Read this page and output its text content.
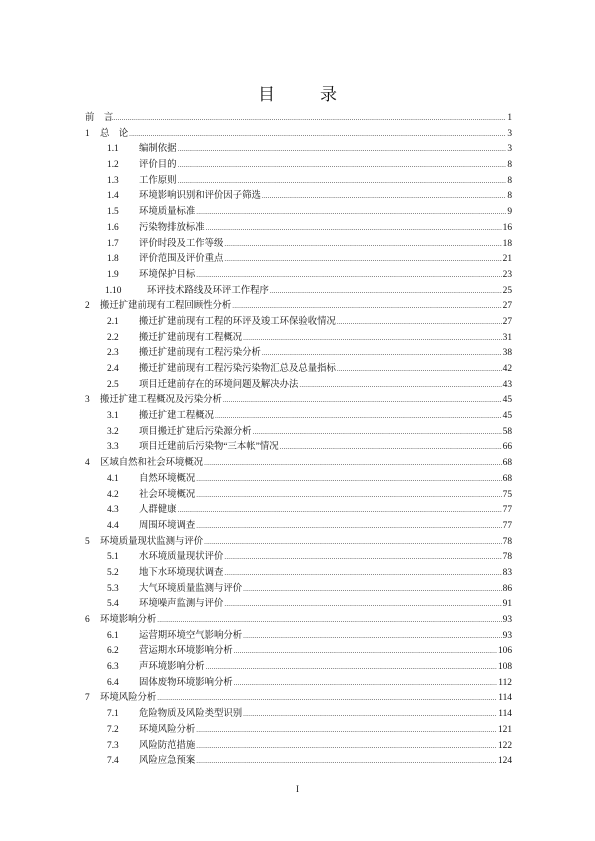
目　录
前　言 .....	1
1 总　论 .....	3
1.1 编制依据 .....	3
1.2 评价目的 .....	8
1.3 工作原则 .....	8
1.4 环境影响识别和评价因子筛选 .....	8
1.5 环境质量标准 .....	9
1.6 污染物排放标准 .....	16
1.7 评价时段及工作等级 .....	18
1.8 评价范围及评价重点 .....	21
1.9 环境保护目标 .....	23
1.10	环评技术路线及环评工作程序 .....	25
2 搬迁扩建前现有工程回顾性分析 .....	27
2.1 搬迁扩建前现有工程的环评及竣工环保验收情况 .....	27
2.2 搬迁扩建前现有工程概况 .....	31
2.3 搬迁扩建前现有工程污染分析 .....	38
2.4 搬迁扩建前现有工程污染污染物汇总及总量指标 .....	42
2.5 项目迁建前存在的环境问题及解决办法 .....	43
3 搬迁扩建工程概况及污染分析 .....	45
3.1 搬迁扩建工程概况 .....	45
3.2 项目搬迁扩建后污染源分析 .....	58
3.3 项目迁建前后污染物“三本帐”情况 .....	66
4 区域自然和社会环境概况 .....	68
4.1 自然环境概况 .....	68
4.2 社会环境概况 .....	75
4.3 人群健康 .....	77
4.4 周围环境调查 .....	77
5 环境质量现状监测与评价 .....	78
5.1 水环境质量现状评价 .....	78
5.2 地下水环境现状调查 .....	83
5.3 大气环境质量监测与评价 .....	86
5.4 环境噪声监测与评价 .....	91
6 环境影响分析 .....	93
6.1 运营期环境空气影响分析 .....	93
6.2 营运期水环境影响分析 .....	106
6.3 声环境影响分析 .....	108
6.4 固体废物环境影响分析 .....	112
7 环境风险分析 .....	114
7.1 危险物质及风险类型识别 .....	114
7.2 环境风险分析 .....	121
7.3 风险防范措施 .....	122
7.4 风险应急预案 .....	124
I
